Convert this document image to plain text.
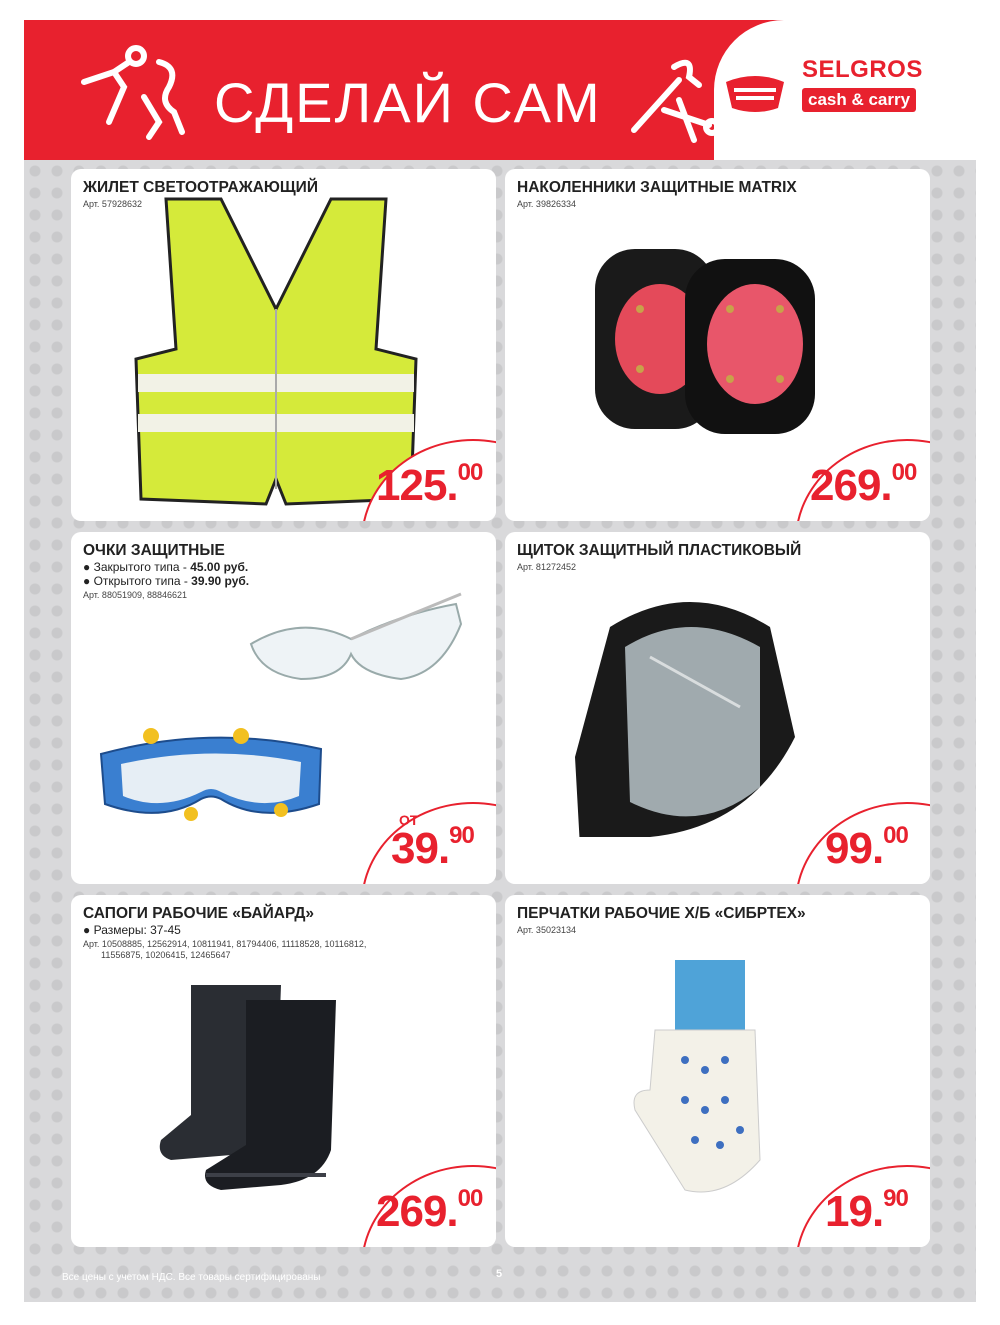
СДЕЛАЙ САМ
SELGROS
cash & carry
ЖИЛЕТ СВЕТООТРАЖАЮЩИЙ
Арт. 57928632
125.00
НАКОЛЕННИКИ ЗАЩИТНЫЕ MATRIX
Арт. 39826334
269.00
ОЧКИ ЗАЩИТНЫЕ
● Закрытого типа - 45.00 руб.
● Открытого типа - 39.90 руб.
Арт. 88051909, 88846621
ОТ
39.90
ЩИТОК ЗАЩИТНЫЙ ПЛАСТИКОВЫЙ
Арт. 81272452
99.00
САПОГИ РАБОЧИЕ «БАЙАРД»
● Размеры: 37-45
Арт. 10508885, 12562914, 10811941, 81794406, 11118528, 10116812,
11556875, 10206415, 12465647
269.00
ПЕРЧАТКИ РАБОЧИЕ Х/Б «СИБРТЕХ»
Арт. 35023134
19.90
Все цены с учетом НДС. Все товары сертифицированы	5
